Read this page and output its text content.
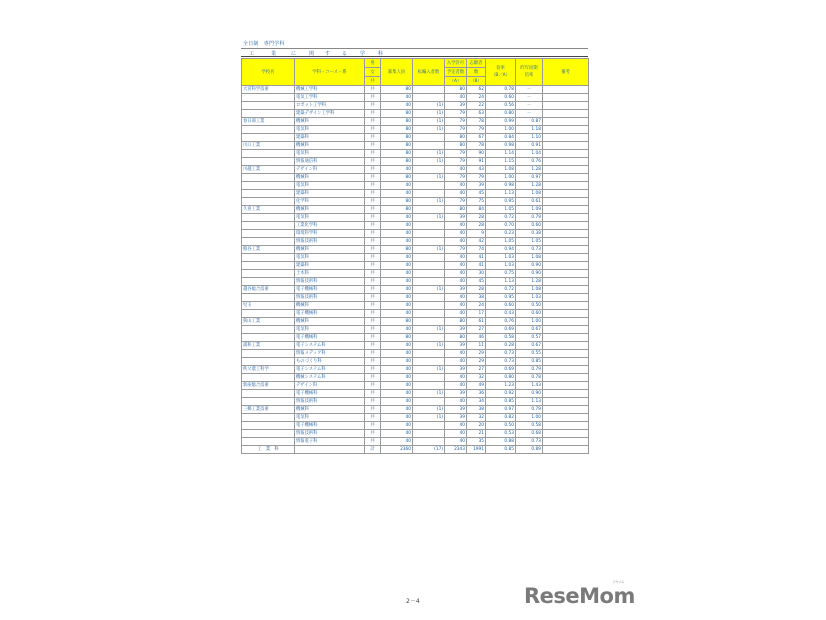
全日制　専門学科
工	業	に	関 す る	学	科
学校名	学科・コース・系	男	募集人員	転編入者数	入学許可	志願者	倍率
（B／A）	昨年同期
倍率	備考
		女			予定者数	数			
		共			（A）	（B）			
大宮科学技術	機械工学科	共	80		80	62	0.78	－	
	電気工学科	共	40		40	24	0.60	－	
	ロボット工学科	共	40	(1)	39	22	0.56	－	
	建築デザイン工学科	共	80	(1)	79	63	0.80	－	
春日部工業	機械科	共	80	(1)	79	78	0.99	0.87	
	電気科	共	80	(1)	79	79	1.00	1.18	
	建築科	共	80		80	67	0.84	1.10	
川口工業	機械科	共	80		80	78	0.98	0.91	
	電気科	共	80	(1)	79	90	1.14	1.04	
	情報通信科	共	80	(1)	79	91	1.15	0.76	
川越工業	デザイン科	共	40		40	43	1.08	1.28	
	機械科	共	80	(1)	79	79	1.00	0.97	
	電気科	共	40		40	39	0.98	1.28	
	建築科	共	40		40	45	1.13	1.08	
	化学科	共	80	(1)	79	75	0.95	0.61	
久喜工業	機械科	共	80		80	84	1.05	1.09	
	電気科	共	40	(1)	39	28	0.72	0.79	
	工業化学科	共	40		40	28	0.70	0.60	
	環境科学科	共	40		40	9	0.23	0.38	
	情報技術科	共	40		40	42	1.05	1.05	
熊谷工業	機械科	共	80	(1)	79	74	0.94	0.73	
	電気科	共	40		40	41	1.03	1.08	
	建築科	共	40		40	41	1.03	0.90	
	土木科	共	40		40	30	0.75	0.90	
	情報技術科	共	40		40	45	1.13	1.28	
越谷総合技術	電子機械科	共	40	(1)	39	28	0.72	1.08	
	情報技術科	共	40		40	38	0.95	1.03	
児玉	機械科	共	40		40	24	0.60	0.50	
	電子機械科	共	40		40	17	0.43	0.60	
狭山工業	機械科	共	80		80	61	0.76	1.00	
	電気科	共	40	(1)	39	27	0.69	0.67	
	電子機械科	共	80		80	46	0.58	0.57	
浦和工業	電子システム科	共	40	(1)	39	11	0.28	0.67	
	情報メディア科	共	40		40	29	0.73	0.55	
	ものづくり科	共	40		40	29	0.73	0.85	
秩父農工科学	電子システム科	共	40	(1)	39	27	0.69	0.79	
	機械システム科	共	40		40	32	0.80	0.78	
新座総合技術	デザイン科	共	40		40	49	1.23	1.43	
	電子機械科	共	40	(1)	39	36	0.92	0.90	
	情報技術科	共	40		40	34	0.85	1.13	
三郷工業技術	機械科	共	40	(1)	39	38	0.97	0.79	
	電気科	共	40	(1)	39	32	0.82	1.00	
	電子機械科	共	40		40	20	0.50	0.58	
	情報技術科	共	40		40	21	0.53	0.68	
	情報電子科	共	40		40	35	0.88	0.73	
工　業　科		計	2360	(17)	2343	1991	0.85	0.89	
2－4	ReseMom
リセマム
